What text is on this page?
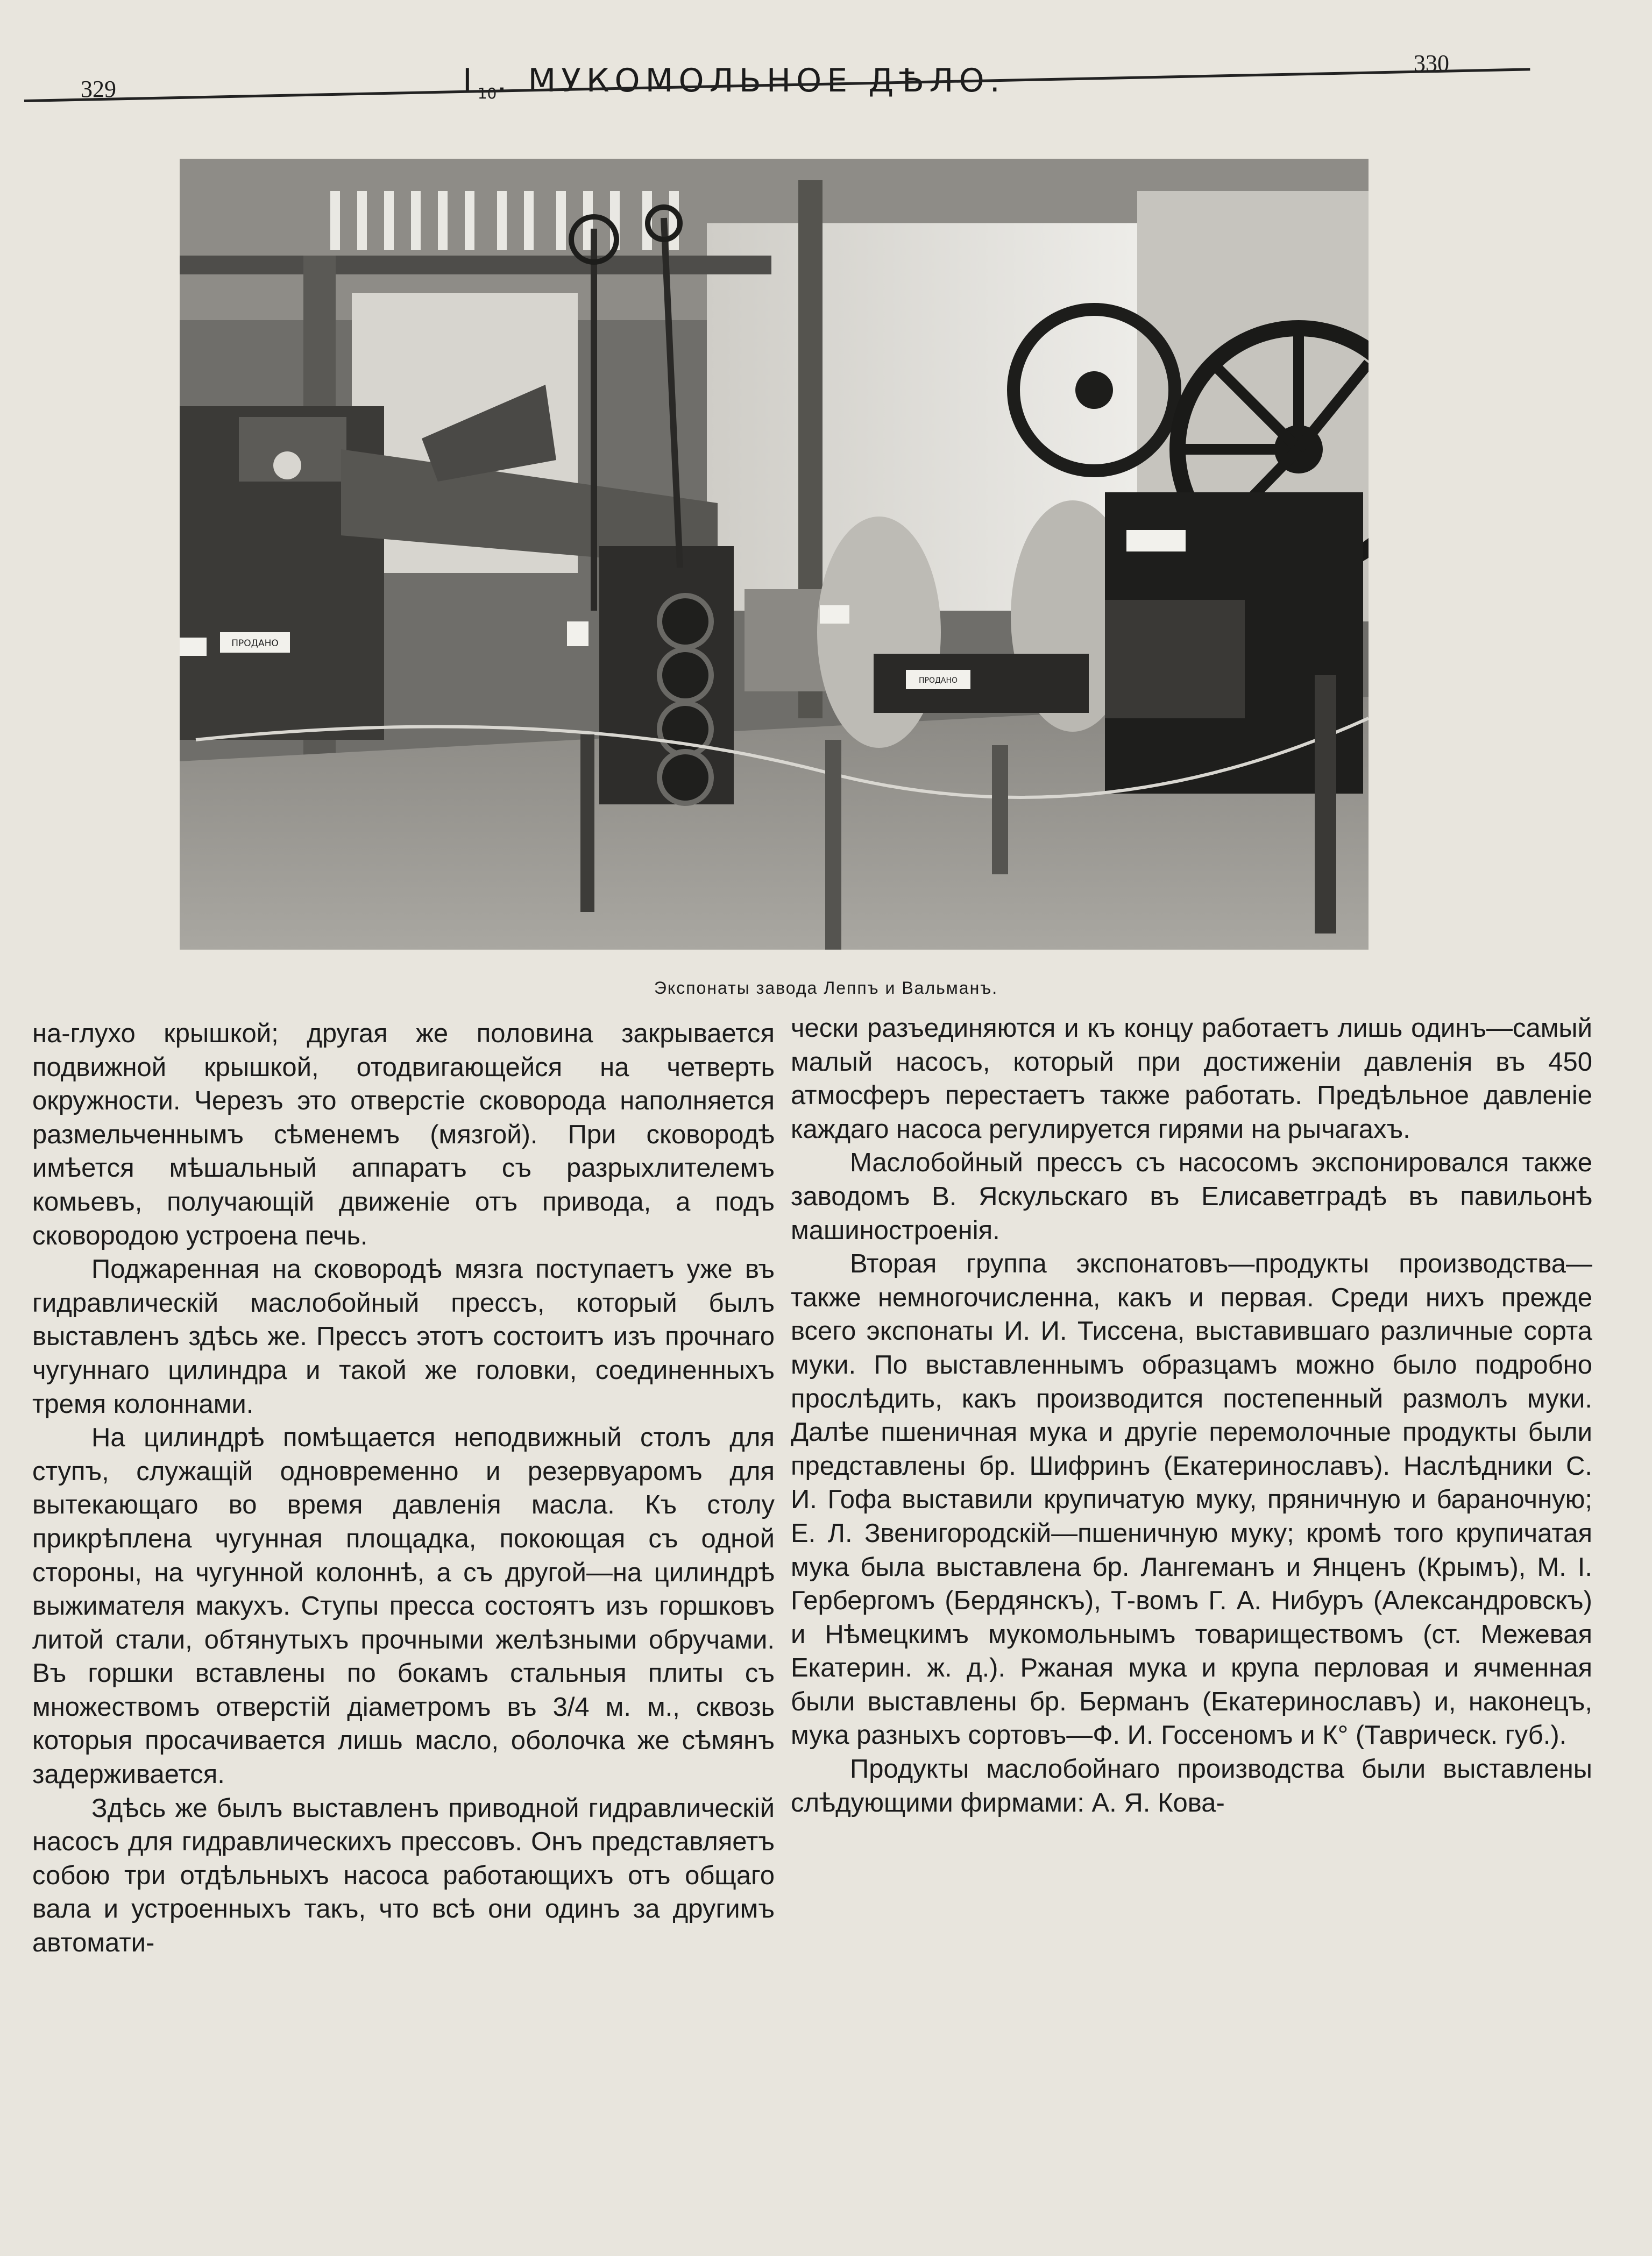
329	$I_{10}$. МУКОМОЛЬНОЕ ДѢЛО.	330
ПРОДАНО
ПРОДАНО
Экспонаты завода Леппъ и Вальманъ.

на-глухо крышкой; другая же половина закрывается подвижной крышкой, отодвигающейся на четверть окружности. Черезъ это отверстіе сковорода наполняется размельченнымъ сѣменемъ (мязгой). При сковородѣ имѣется мѣшальный аппаратъ съ разрыхлителемъ комьевъ, получающій движеніе отъ привода, а подъ сковородою устроена печь.

Поджаренная на сковородѣ мязга поступаетъ уже въ гидравлическій маслобойный прессъ, который былъ выставленъ здѣсь же. Прессъ этотъ состоитъ изъ прочнаго чугуннаго цилиндра и такой же головки, соединенныхъ тремя колоннами.

На цилиндрѣ помѣщается неподвижный столъ для ступъ, служащій одновременно и резервуаромъ для вытекающаго во время давленія масла. Къ столу прикрѣплена чугунная площадка, покоющая съ одной стороны, на чугунной колоннѣ, а съ другой—на цилиндрѣ выжимателя макухъ. Ступы пресса состоятъ изъ горшковъ литой стали, обтянутыхъ прочными желѣзными обручами. Въ горшки вставлены по бокамъ стальныя плиты съ множествомъ отверстій діаметромъ въ 3/4 м. м., сквозь которыя просачивается лишь масло, оболочка же сѣмянъ задерживается.

Здѣсь же былъ выставленъ приводной гидравлическій насосъ для гидравлическихъ прессовъ. Онъ представляетъ собою три отдѣльныхъ насоса работающихъ отъ общаго вала и устроенныхъ такъ, что всѣ они одинъ за другимъ автомати-

чески разъединяются и къ концу работаетъ лишь одинъ—самый малый насосъ, который при достиженіи давленія въ 450 атмосферъ перестаетъ также работать. Предѣльное давленіе каждаго насоса регулируется гирями на рычагахъ.

Маслобойный прессъ съ насосомъ экспонировался также заводомъ В. Яскульскаго въ Елисаветградѣ въ павильонѣ машиностроенія.

Вторая группа экспонатовъ—продукты производства—также немногочисленна, какъ и первая. Среди нихъ прежде всего экспонаты И. И. Тиссена, выставившаго различные сорта муки. По выставленнымъ образцамъ можно было подробно прослѣдить, какъ производится постепенный размолъ муки. Далѣе пшеничная мука и другіе перемолочные продукты были представлены бр. Шифринъ (Екатеринославъ). Наслѣдники С. И. Гофа выставили крупичатую муку, пряничную и бараночную; Е. Л. Звенигородскій—пшеничную муку; кромѣ того крупичатая мука была выставлена бр. Лангеманъ и Янценъ (Крымъ), М. І. Гербергомъ (Бердянскъ), Т-вомъ Г. А. Нибуръ (Александровскъ) и Нѣмецкимъ мукомольнымъ товариществомъ (ст. Межевая Екатерин. ж. д.). Ржаная мука и крупа перловая и ячменная были выставлены бр. Берманъ (Екатеринославъ) и, наконецъ, мука разныхъ сортовъ—Ф. И. Госсеномъ и К° (Таврическ. губ.).

Продукты маслобойнаго производства были выставлены слѣдующими фирмами: А. Я. Кова-
